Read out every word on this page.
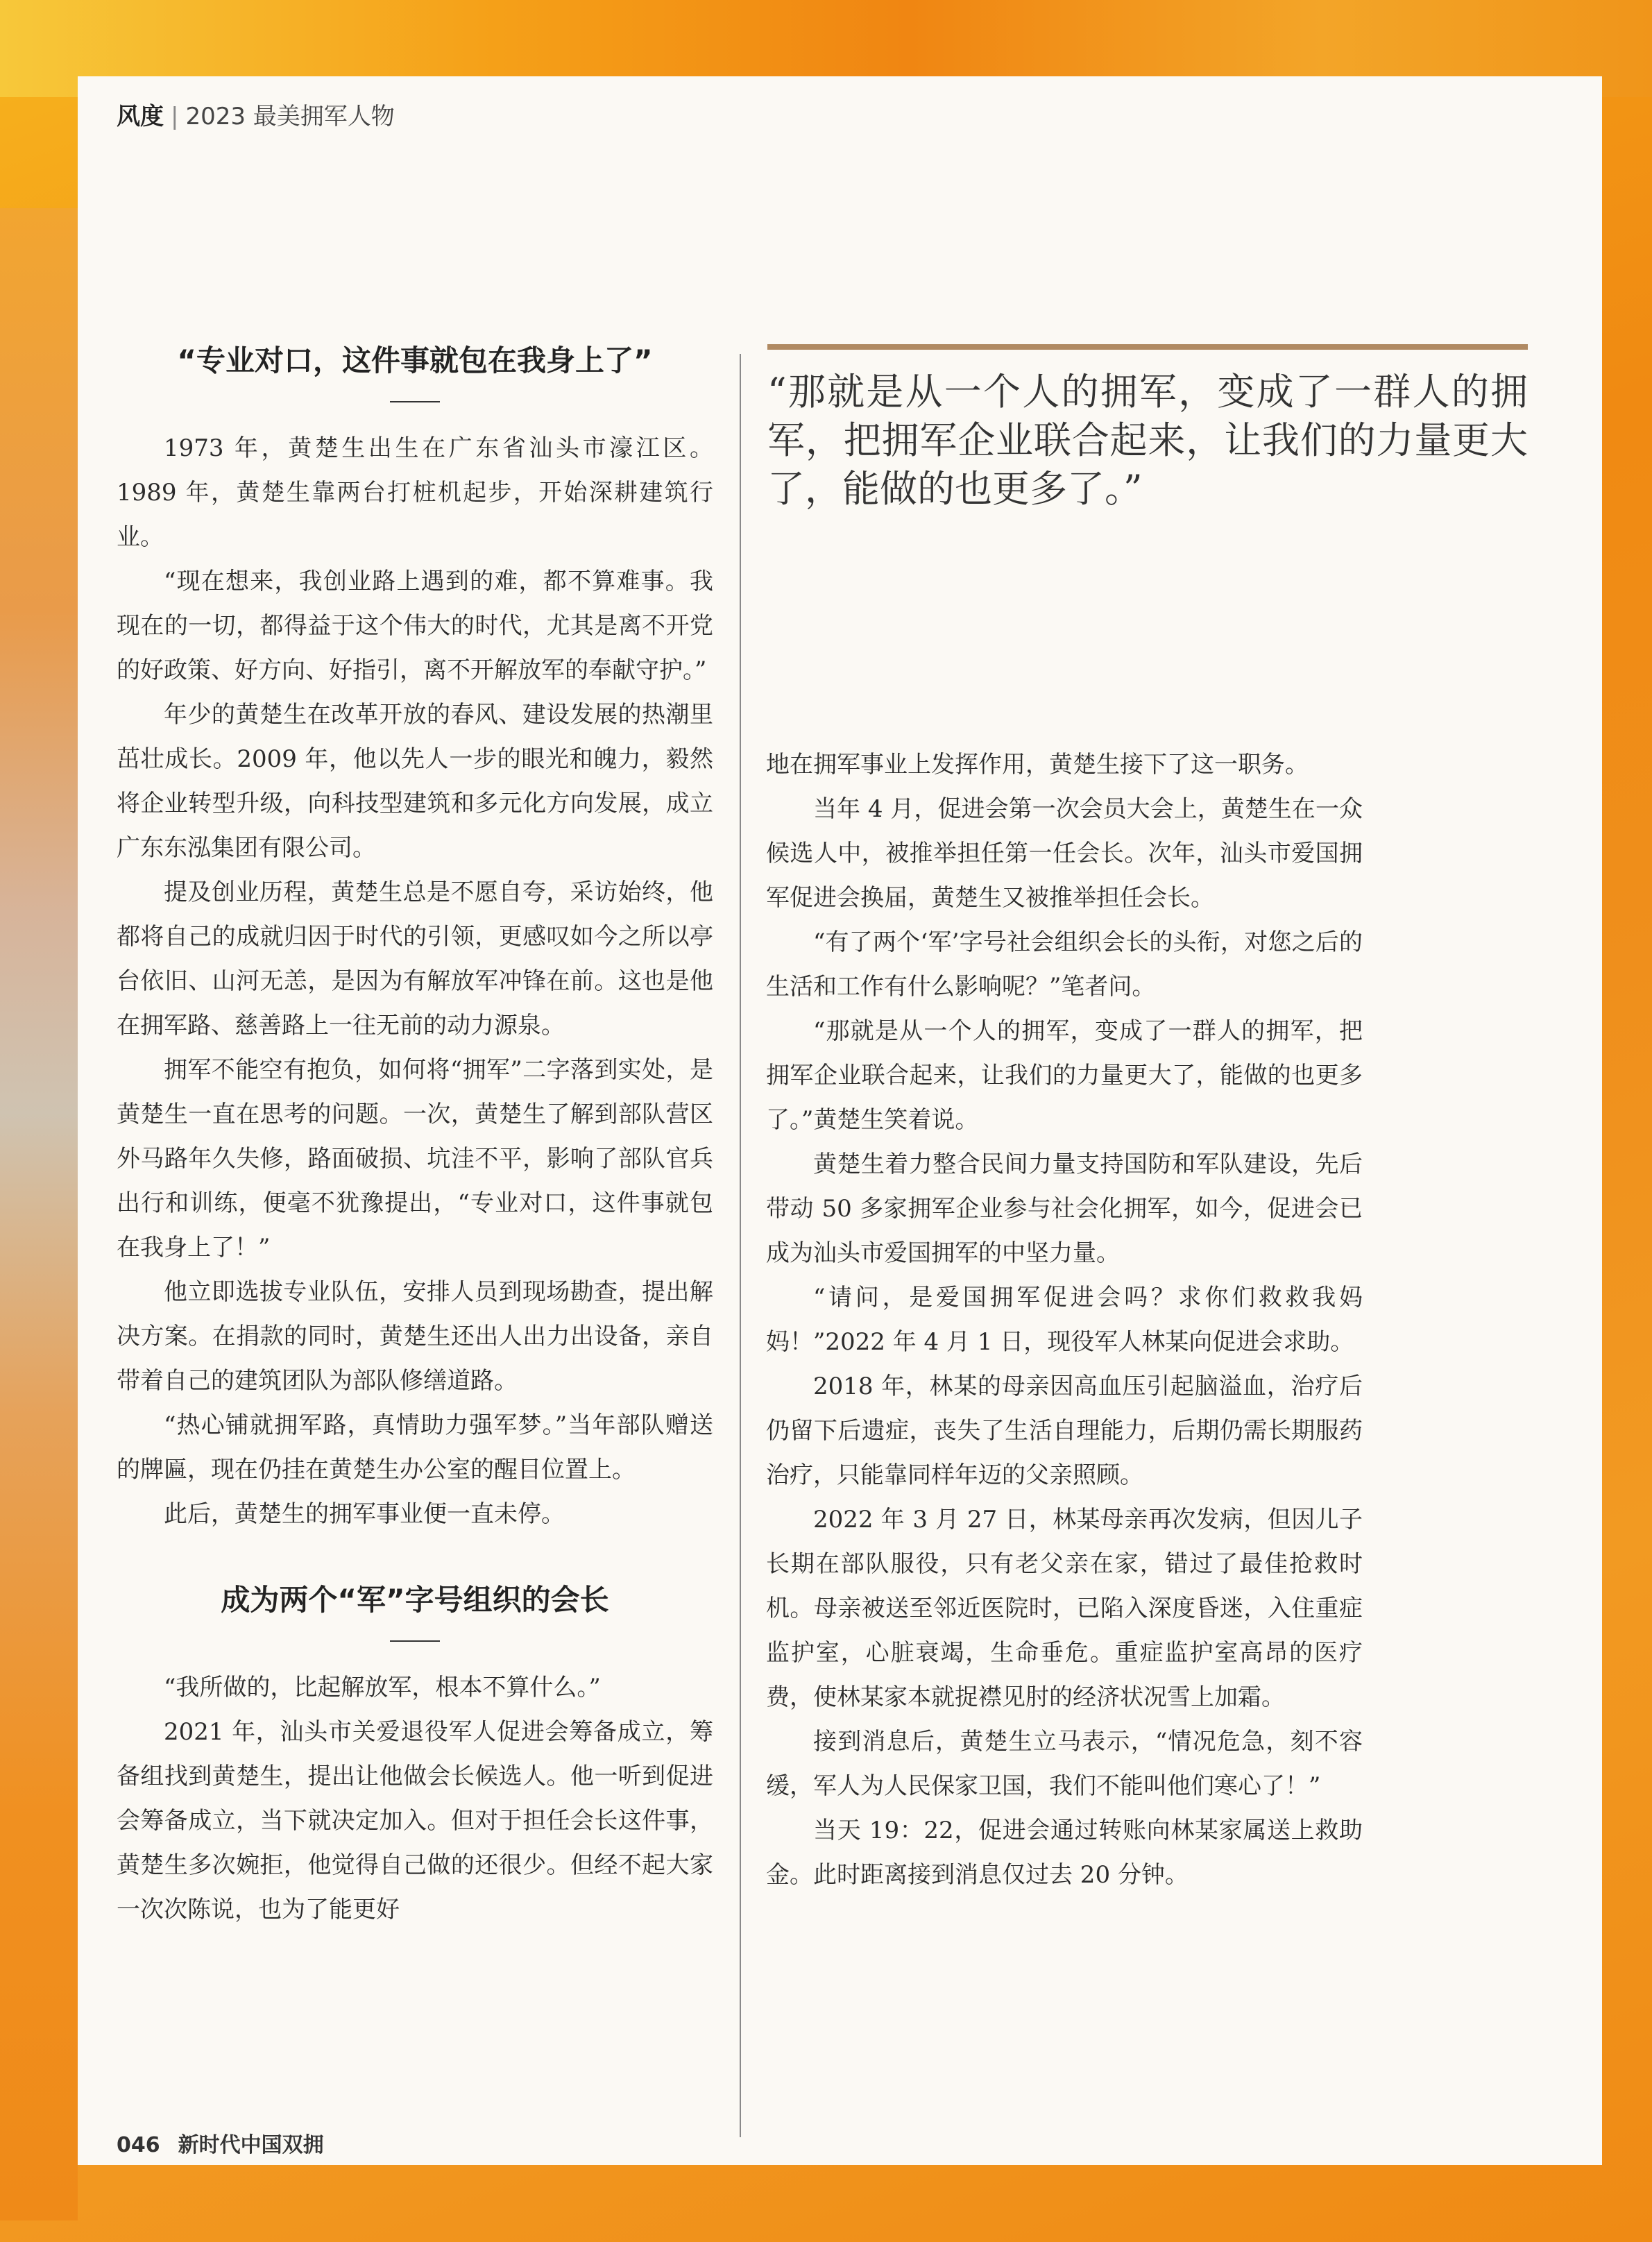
风度 | 2023 最美拥军人物
“专业对口，这件事就包在我身上了”

1973 年，黄楚生出生在广东省汕头市濠江区。1989 年，黄楚生靠两台打桩机起步，开始深耕建筑行业。

“现在想来，我创业路上遇到的难，都不算难事。我现在的一切，都得益于这个伟大的时代，尤其是离不开党的好政策、好方向、好指引，离不开解放军的奉献守护。”

年少的黄楚生在改革开放的春风、建设发展的热潮里茁壮成长。2009 年，他以先人一步的眼光和魄力，毅然将企业转型升级，向科技型建筑和多元化方向发展，成立广东东泓集团有限公司。

提及创业历程，黄楚生总是不愿自夸，采访始终，他都将自己的成就归因于时代的引领，更感叹如今之所以亭台依旧、山河无恙，是因为有解放军冲锋在前。这也是他在拥军路、慈善路上一往无前的动力源泉。

拥军不能空有抱负，如何将“拥军”二字落到实处，是黄楚生一直在思考的问题。一次，黄楚生了解到部队营区外马路年久失修，路面破损、坑洼不平，影响了部队官兵出行和训练，便毫不犹豫提出，“专业对口，这件事就包在我身上了！”

他立即选拔专业队伍，安排人员到现场勘查，提出解决方案。在捐款的同时，黄楚生还出人出力出设备，亲自带着自己的建筑团队为部队修缮道路。

“热心铺就拥军路，真情助力强军梦。”当年部队赠送的牌匾，现在仍挂在黄楚生办公室的醒目位置上。

此后，黄楚生的拥军事业便一直未停。

成为两个“军”字号组织的会长

“我所做的，比起解放军，根本不算什么。”

2021 年，汕头市关爱退役军人促进会筹备成立，筹备组找到黄楚生，提出让他做会长候选人。他一听到促进会筹备成立，当下就决定加入。但对于担任会长这件事，黄楚生多次婉拒，他觉得自己做的还很少。但经不起大家一次次陈说，也为了能更好

“那就是从一个人的拥军，变成了一群人的拥军，把拥军企业联合起来，让我们的力量更大了，能做的也更多了。”

地在拥军事业上发挥作用，黄楚生接下了这一职务。

当年 4 月，促进会第一次会员大会上，黄楚生在一众候选人中，被推举担任第一任会长。次年，汕头市爱国拥军促进会换届，黄楚生又被推举担任会长。

“有了两个‘军’字号社会组织会长的头衔，对您之后的生活和工作有什么影响呢？”笔者问。

“那就是从一个人的拥军，变成了一群人的拥军，把拥军企业联合起来，让我们的力量更大了，能做的也更多了。”黄楚生笑着说。

黄楚生着力整合民间力量支持国防和军队建设，先后带动 50 多家拥军企业参与社会化拥军，如今，促进会已成为汕头市爱国拥军的中坚力量。

“请问，是爱国拥军促进会吗？求你们救救我妈妈！”2022 年 4 月 1 日，现役军人林某向促进会求助。

2018 年，林某的母亲因高血压引起脑溢血，治疗后仍留下后遗症，丧失了生活自理能力，后期仍需长期服药治疗，只能靠同样年迈的父亲照顾。

2022 年 3 月 27 日，林某母亲再次发病，但因儿子长期在部队服役，只有老父亲在家，错过了最佳抢救时机。母亲被送至邻近医院时，已陷入深度昏迷，入住重症监护室，心脏衰竭，生命垂危。重症监护室高昂的医疗费，使林某家本就捉襟见肘的经济状况雪上加霜。

接到消息后，黄楚生立马表示，“情况危急，刻不容缓，军人为人民保家卫国，我们不能叫他们寒心了！”

当天 19：22，促进会通过转账向林某家属送上救助金。此时距离接到消息仅过去 20 分钟。

046 新时代中国双拥
